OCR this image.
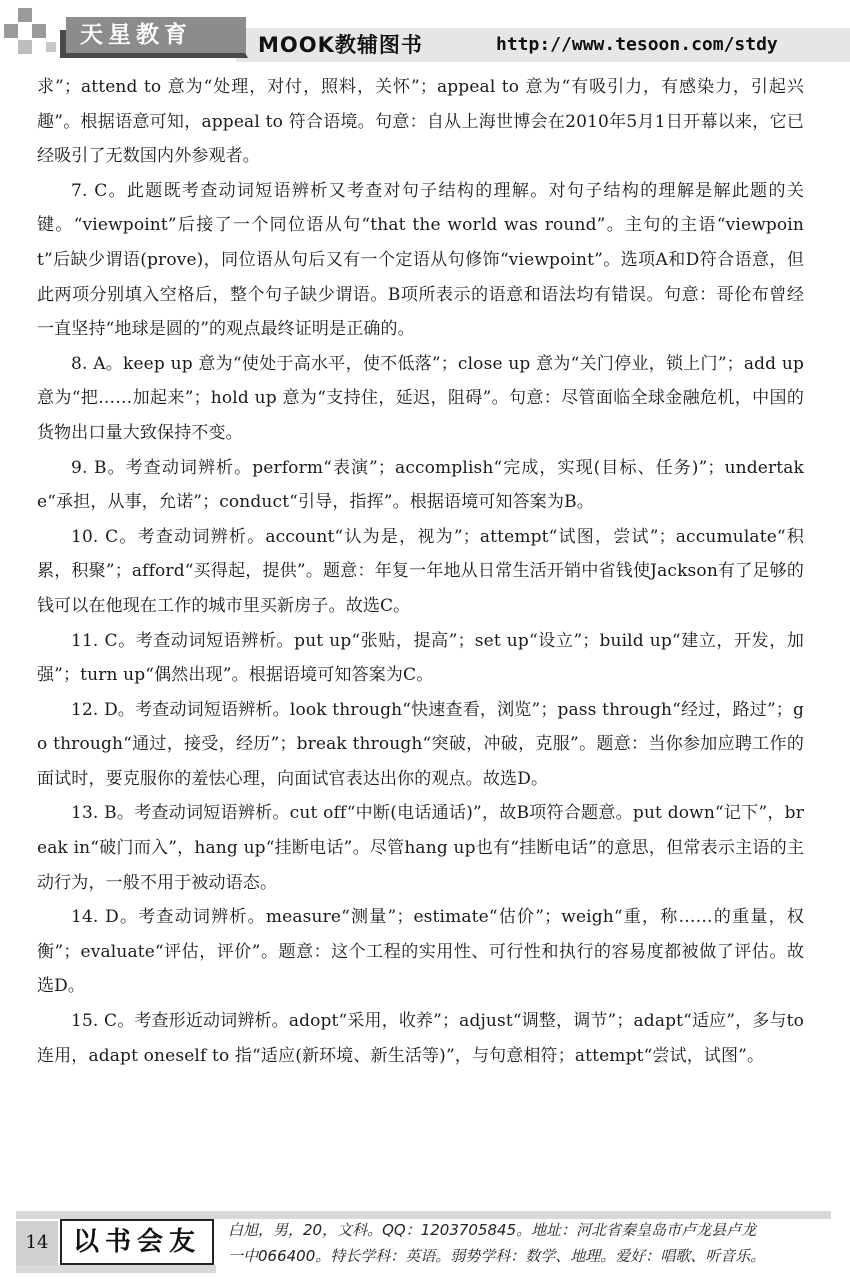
天星教育	MOOK教辅图书	http://www.tesoon.com/stdy

求”；attend to 意为“处理，对付，照料，关怀”；appeal to 意为“有吸引力，有感染力，引起兴趣”。根据语意可知，appeal to 符合语境。句意：自从上海世博会在2010年5月1日开幕以来，它已经吸引了无数国内外参观者。

7. C。此题既考查动词短语辨析又考查对句子结构的理解。对句子结构的理解是解此题的关键。“viewpoint”后接了一个同位语从句“that the world was round”。主句的主语“viewpoint”后缺少谓语(prove)，同位语从句后又有一个定语从句修饰“viewpoint”。选项A和D符合语意，但此两项分别填入空格后，整个句子缺少谓语。B项所表示的语意和语法均有错误。句意：哥伦布曾经一直坚持“地球是圆的”的观点最终证明是正确的。

8. A。keep up 意为“使处于高水平，使不低落”；close up 意为“关门停业，锁上门”；add up 意为“把……加起来”；hold up 意为“支持住，延迟，阻碍”。句意：尽管面临全球金融危机，中国的货物出口量大致保持不变。

9. B。考查动词辨析。perform“表演”；accomplish“完成，实现(目标、任务)”；undertake“承担，从事，允诺”；conduct“引导，指挥”。根据语境可知答案为B。

10. C。考查动词辨析。account“认为是，视为”；attempt“试图，尝试”；accumulate“积累，积聚”；afford“买得起，提供”。题意：年复一年地从日常生活开销中省钱使Jackson有了足够的钱可以在他现在工作的城市里买新房子。故选C。

11. C。考查动词短语辨析。put up“张贴，提高”；set up“设立”；build up“建立，开发，加强”；turn up“偶然出现”。根据语境可知答案为C。

12. D。考查动词短语辨析。look through“快速查看，浏览”；pass through“经过，路过”；go through“通过，接受，经历”；break through“突破，冲破，克服”。题意：当你参加应聘工作的面试时，要克服你的羞怯心理，向面试官表达出你的观点。故选D。

13. B。考查动词短语辨析。cut off“中断(电话通话)”，故B项符合题意。put down“记下”，break in“破门而入”，hang up“挂断电话”。尽管hang up也有“挂断电话”的意思，但常表示主语的主动行为，一般不用于被动语态。

14. D。考查动词辨析。measure“测量”；estimate“估价”；weigh“重，称……的重量，权衡”；evaluate“评估，评价”。题意：这个工程的实用性、可行性和执行的容易度都被做了评估。故选D。

15. C。考查形近动词辨析。adopt“采用，收养”；adjust“调整，调节”；adapt“适应”，多与to连用，adapt oneself to 指“适应(新环境、新生活等)”，与句意相符；attempt“尝试，试图”。

14 以书会友	白旭，男，20，文科。QQ：1203705845。地址：河北省秦皇岛市卢龙县卢龙
一中066400。特长学科：英语。弱势学科：数学、地理。爱好：唱歌、听音乐。
